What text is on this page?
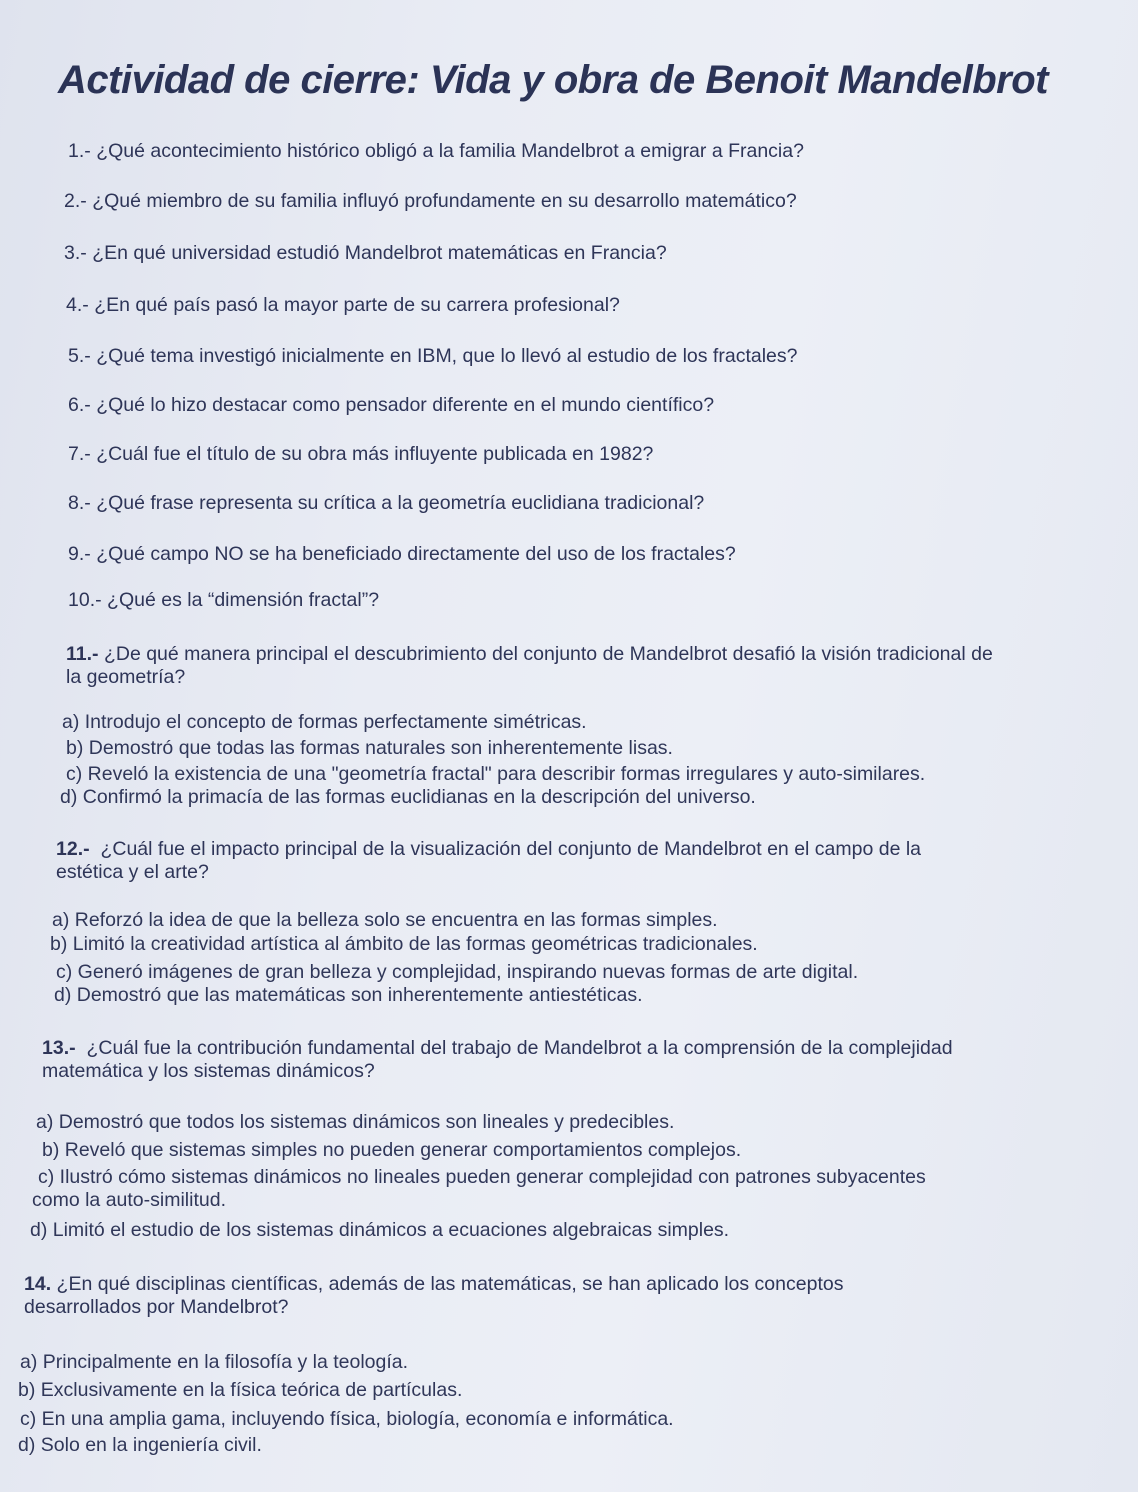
Actividad de cierre: Vida y obra de Benoit Mandelbrot
1.- ¿Qué acontecimiento histórico obligó a la familia Mandelbrot a emigrar a Francia?
2.- ¿Qué miembro de su familia influyó profundamente en su desarrollo matemático?
3.- ¿En qué universidad estudió Mandelbrot matemáticas en Francia?
4.- ¿En qué país pasó la mayor parte de su carrera profesional?
5.- ¿Qué tema investigó inicialmente en IBM, que lo llevó al estudio de los fractales?
6.- ¿Qué lo hizo destacar como pensador diferente en el mundo científico?
7.- ¿Cuál fue el título de su obra más influyente publicada en 1982?
8.- ¿Qué frase representa su crítica a la geometría euclidiana tradicional?
9.- ¿Qué campo NO se ha beneficiado directamente del uso de los fractales?
10.- ¿Qué es la “dimensión fractal”?
11.- ¿De qué manera principal el descubrimiento del conjunto de Mandelbrot desafió la visión tradicional de
la geometría?
a) Introdujo el concepto de formas perfectamente simétricas.
b) Demostró que todas las formas naturales son inherentemente lisas.
c) Reveló la existencia de una "geometría fractal" para describir formas irregulares y auto-similares.
d) Confirmó la primacía de las formas euclidianas en la descripción del universo.
12.- ¿Cuál fue el impacto principal de la visualización del conjunto de Mandelbrot en el campo de la
estética y el arte?
a) Reforzó la idea de que la belleza solo se encuentra en las formas simples.
b) Limitó la creatividad artística al ámbito de las formas geométricas tradicionales.
c) Generó imágenes de gran belleza y complejidad, inspirando nuevas formas de arte digital.
d) Demostró que las matemáticas son inherentemente antiestéticas.
13.- ¿Cuál fue la contribución fundamental del trabajo de Mandelbrot a la comprensión de la complejidad
matemática y los sistemas dinámicos?
a) Demostró que todos los sistemas dinámicos son lineales y predecibles.
b) Reveló que sistemas simples no pueden generar comportamientos complejos.
c) Ilustró cómo sistemas dinámicos no lineales pueden generar complejidad con patrones subyacentes
como la auto-similitud.
d) Limitó el estudio de los sistemas dinámicos a ecuaciones algebraicas simples.
14. ¿En qué disciplinas científicas, además de las matemáticas, se han aplicado los conceptos
desarrollados por Mandelbrot?
a) Principalmente en la filosofía y la teología.
b) Exclusivamente en la física teórica de partículas.
c) En una amplia gama, incluyendo física, biología, economía e informática.
d) Solo en la ingeniería civil.
